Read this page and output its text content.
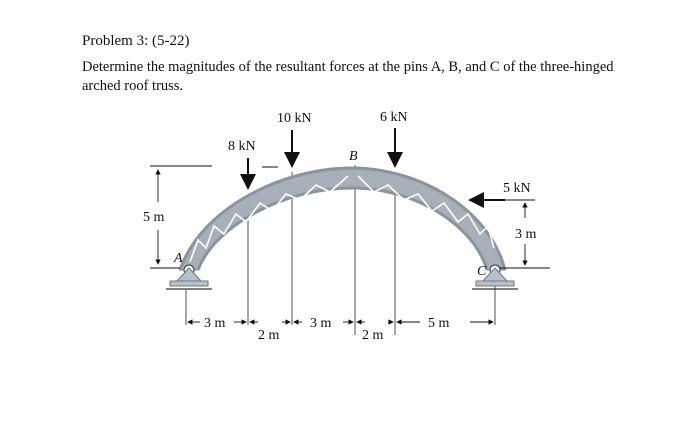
Problem 3: (5-22)
Determine the magnitudes of the resultant forces at the pins A, B, and C of the three-hinged
arched roof truss.
8 kN
10 kN	6 kN
5 kN
A
B
C
5 m
3 m
3 m
2 m
3 m
2 m
5 m
